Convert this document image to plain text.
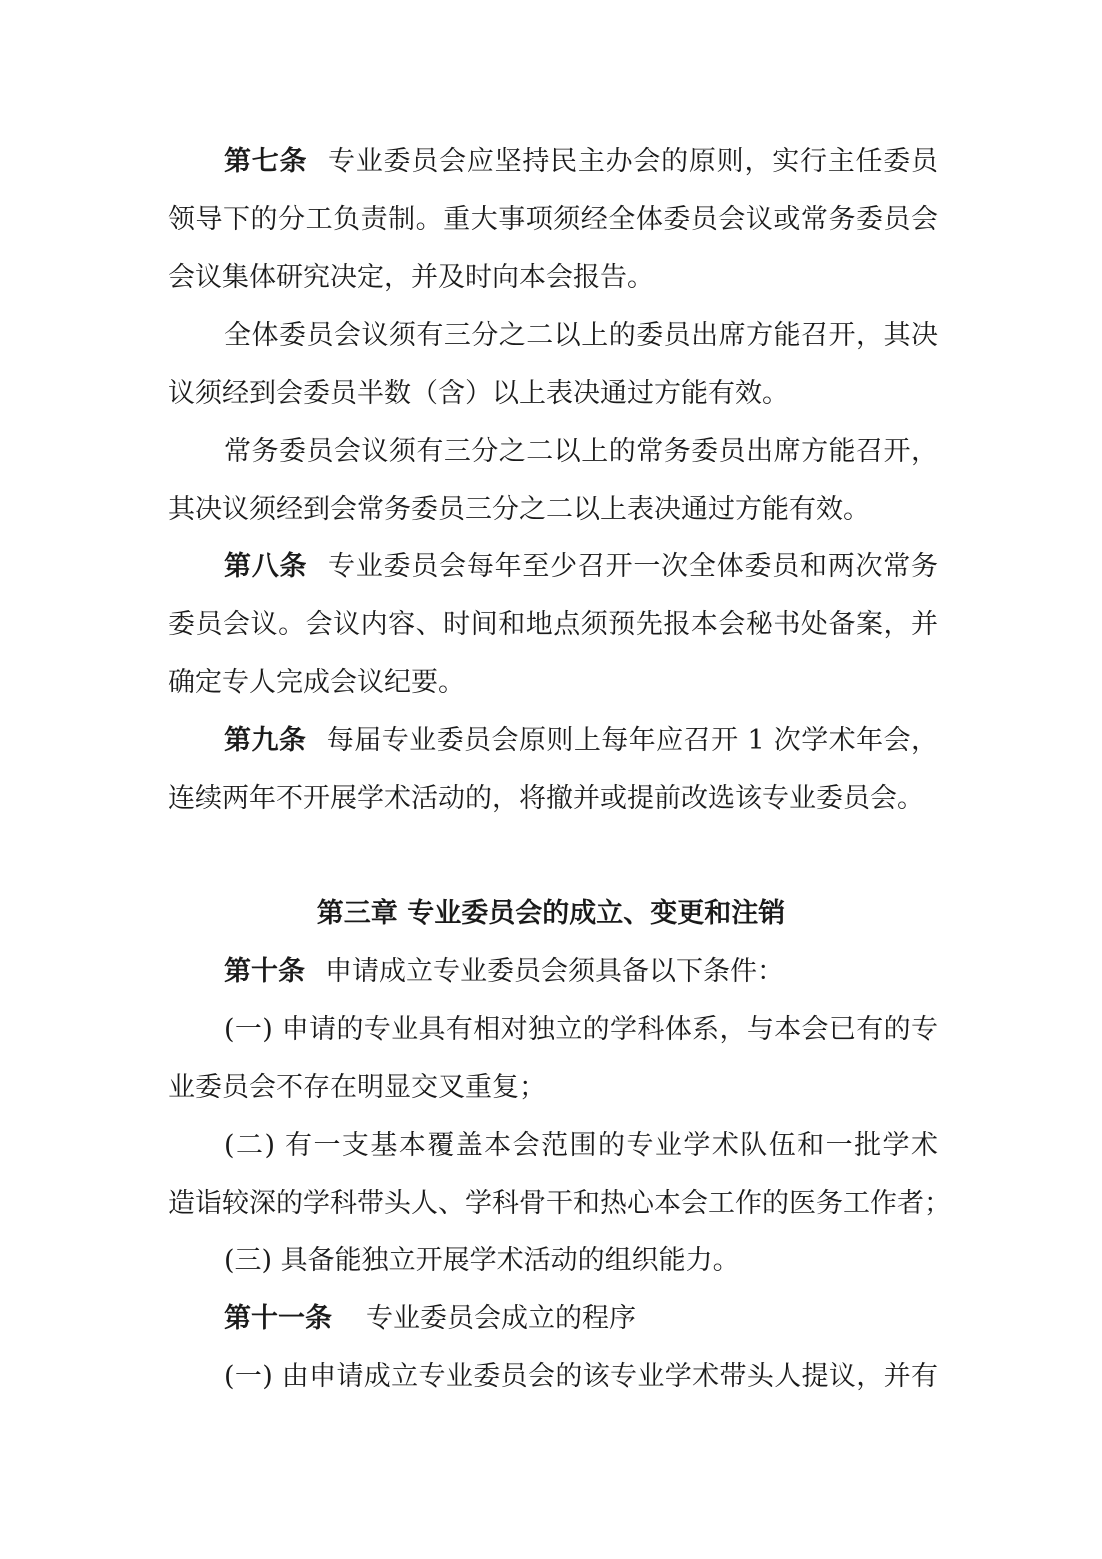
第七条 专业委员会应坚持民主办会的原则，实行主任委员
领导下的分工负责制。重大事项须经全体委员会议或常务委员会
会议集体研究决定，并及时向本会报告。
全体委员会议须有三分之二以上的委员出席方能召开，其决
议须经到会委员半数（含）以上表决通过方能有效。
常务委员会议须有三分之二以上的常务委员出席方能召开，
其决议须经到会常务委员三分之二以上表决通过方能有效。
第八条 专业委员会每年至少召开一次全体委员和两次常务
委员会议。会议内容、时间和地点须预先报本会秘书处备案，并
确定专人完成会议纪要。
第九条 每届专业委员会原则上每年应召开 1 次学术年会，
连续两年不开展学术活动的，将撤并或提前改选该专业委员会。
第三章 专业委员会的成立、变更和注销
第十条 申请成立专业委员会须具备以下条件：
(一) 申请的专业具有相对独立的学科体系，与本会已有的专
业委员会不存在明显交叉重复；
(二) 有一支基本覆盖本会范围的专业学术队伍和一批学术
造诣较深的学科带头人、学科骨干和热心本会工作的医务工作者；
(三) 具备能独立开展学术活动的组织能力。
第十一条 专业委员会成立的程序
(一) 由申请成立专业委员会的该专业学术带头人提议，并有
